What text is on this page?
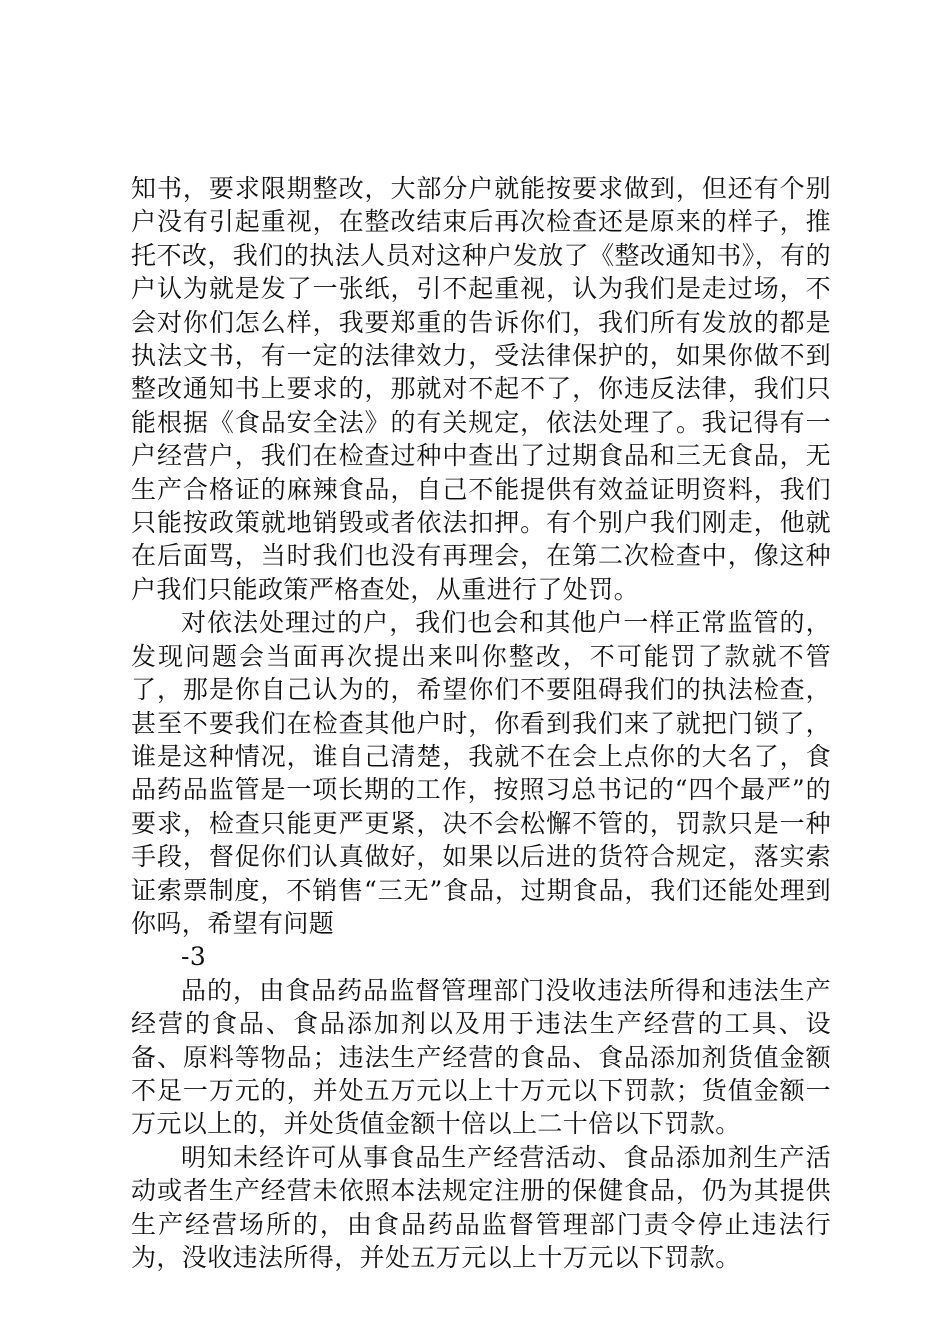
知书，要求限期整改，大部分户就能按要求做到，但还有个别户没有引起重视，在整改结束后再次检查还是原来的样子，推托不改，我们的执法人员对这种户发放了《整改通知书》，有的户认为就是发了一张纸，引不起重视，认为我们是走过场，不会对你们怎么样，我要郑重的告诉你们，我们所有发放的都是执法文书，有一定的法律效力，受法律保护的，如果你做不到整改通知书上要求的，那就对不起不了，你违反法律，我们只能根据《食品安全法》的有关规定，依法处理了。我记得有一户经营户，我们在检查过种中查出了过期食品和三无食品，无生产合格证的麻辣食品，自己不能提供有效益证明资料，我们只能按政策就地销毁或者依法扣押。有个别户我们刚走，他就在后面骂，当时我们也没有再理会，在第二次检查中，像这种户我们只能政策严格查处，从重进行了处罚。

对依法处理过的户，我们也会和其他户一样正常监管的，发现问题会当面再次提出来叫你整改，不可能罚了款就不管了，那是你自己认为的，希望你们不要阻碍我们的执法检查，甚至不要我们在检查其他户时，你看到我们来了就把门锁了，谁是这种情况，谁自己清楚，我就不在会上点你的大名了，食品药品监管是一项长期的工作，按照习总书记的“四个最严”的要求，检查只能更严更紧，决不会松懈不管的，罚款只是一种手段，督促你们认真做好，如果以后进的货符合规定，落实索证索票制度，不销售“三无”食品，过期食品，我们还能处理到你吗，希望有问题

-3

品的，由食品药品监督管理部门没收违法所得和违法生产经营的食品、食品添加剂以及用于违法生产经营的工具、设备、原料等物品；违法生产经营的食品、食品添加剂货值金额不足一万元的，并处五万元以上十万元以下罚款；货值金额一万元以上的，并处货值金额十倍以上二十倍以下罚款。

明知未经许可从事食品生产经营活动、食品添加剂生产活动或者生产经营未依照本法规定注册的保健食品，仍为其提供生产经营场所的，由食品药品监督管理部门责令停止违法行为，没收违法所得，并处五万元以上十万元以下罚款。
